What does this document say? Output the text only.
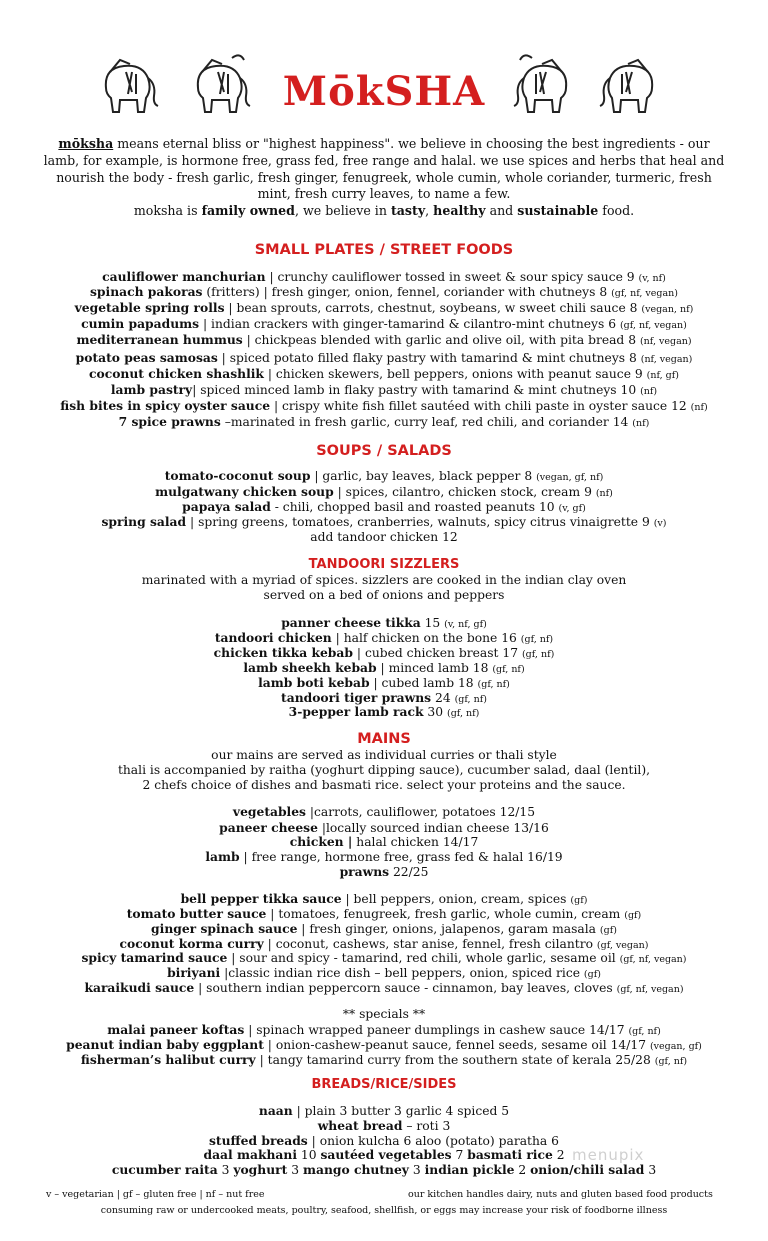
MōkSHA
mōksha means eternal bliss or "highest happiness". we believe in choosing the best ingredients - our lamb, for example, is hormone free, grass fed, free range and halal. we use spices and herbs that heal and nourish the body - fresh garlic, fresh ginger, fenugreek, whole cumin, whole coriander, turmeric, fresh mint, fresh curry leaves, to name a few.
moksha is family owned, we believe in tasty, healthy and sustainable food.
SMALL PLATES / STREET FOODS
cauliflower manchurian | crunchy cauliflower tossed in sweet & sour spicy sauce 9 (v, nf)
spinach pakoras (fritters) | fresh ginger, onion, fennel, coriander with chutneys 8 (gf, nf, vegan)
vegetable spring rolls | bean sprouts, carrots, chestnut, soybeans, w sweet chili sauce 8 (vegan, nf)
cumin papadums | indian crackers with ginger-tamarind & cilantro-mint chutneys 6 (gf, nf, vegan)
mediterranean hummus | chickpeas blended with garlic and olive oil, with pita bread 8 (nf, vegan)
potato peas samosas | spiced potato filled flaky pastry with tamarind & mint chutneys 8 (nf, vegan)
coconut chicken shashlik | chicken skewers, bell peppers, onions with peanut sauce 9 (nf, gf)
lamb pastry| spiced minced lamb in flaky pastry with tamarind & mint chutneys 10 (nf)
fish bites in spicy oyster sauce | crispy white fish fillet sautéed with chili paste in oyster sauce 12 (nf)
7 spice prawns –marinated in fresh garlic, curry leaf, red chili, and coriander 14 (nf)
SOUPS / SALADS
tomato-coconut soup | garlic, bay leaves, black pepper 8 (vegan, gf, nf)
mulgatwany chicken soup | spices, cilantro, chicken stock, cream 9 (nf)
papaya salad - chili, chopped basil and roasted peanuts 10 (v, gf)
spring salad | spring greens, tomatoes, cranberries, walnuts, spicy citrus vinaigrette 9 (v)
add tandoor chicken 12
TANDOORI SIZZLERS
marinated with a myriad of spices. sizzlers are cooked in the indian clay oven
served on a bed of onions and peppers
panner cheese tikka 15 (v, nf, gf)
tandoori chicken | half chicken on the bone 16 (gf, nf)
chicken tikka kebab | cubed chicken breast 17 (gf, nf)
lamb sheekh kebab | minced lamb 18 (gf, nf)
lamb boti kebab | cubed lamb 18 (gf, nf)
tandoori tiger prawns 24 (gf, nf)
3-pepper lamb rack 30 (gf, nf)
MAINS
our mains are served as individual curries or thali style
thali is accompanied by raitha (yoghurt dipping sauce), cucumber salad, daal (lentil),
2 chefs choice of dishes and basmati rice. select your proteins and the sauce.
vegetables |carrots, cauliflower, potatoes 12/15
paneer cheese |locally sourced indian cheese 13/16
chicken | halal chicken 14/17
lamb | free range, hormone free, grass fed & halal 16/19
prawns 22/25
bell pepper tikka sauce | bell peppers, onion, cream, spices (gf)
tomato butter sauce | tomatoes, fenugreek, fresh garlic, whole cumin, cream (gf)
ginger spinach sauce | fresh ginger, onions, jalapenos, garam masala (gf)
coconut korma curry | coconut, cashews, star anise, fennel, fresh cilantro (gf, vegan)
spicy tamarind sauce | sour and spicy - tamarind, red chili, whole garlic, sesame oil (gf, nf, vegan)
biriyani |classic indian rice dish – bell peppers, onion, spiced rice (gf)
karaikudi sauce | southern indian peppercorn sauce - cinnamon, bay leaves, cloves (gf, nf, vegan)
** specials **
malai paneer koftas | spinach wrapped paneer dumplings in cashew sauce 14/17 (gf, nf)
peanut indian baby eggplant | onion-cashew-peanut sauce, fennel seeds, sesame oil 14/17 (vegan, gf)
fisherman’s halibut curry | tangy tamarind curry from the southern state of kerala 25/28 (gf, nf)
BREADS/RICE/SIDES
naan | plain 3 butter 3 garlic 4 spiced 5
wheat bread – roti 3
stuffed breads | onion kulcha 6 aloo (potato) paratha 6
daal makhani 10 sautéed vegetables 7 basmati rice 2
cucumber raita 3 yoghurt 3 mango chutney 3 indian pickle 2 onion/chili salad 3
menupix
v – vegetarian | gf – gluten free | nf – nut free	our kitchen handles dairy, nuts and gluten based food products
consuming raw or undercooked meats, poultry, seafood, shellfish, or eggs may increase your risk of foodborne illness
